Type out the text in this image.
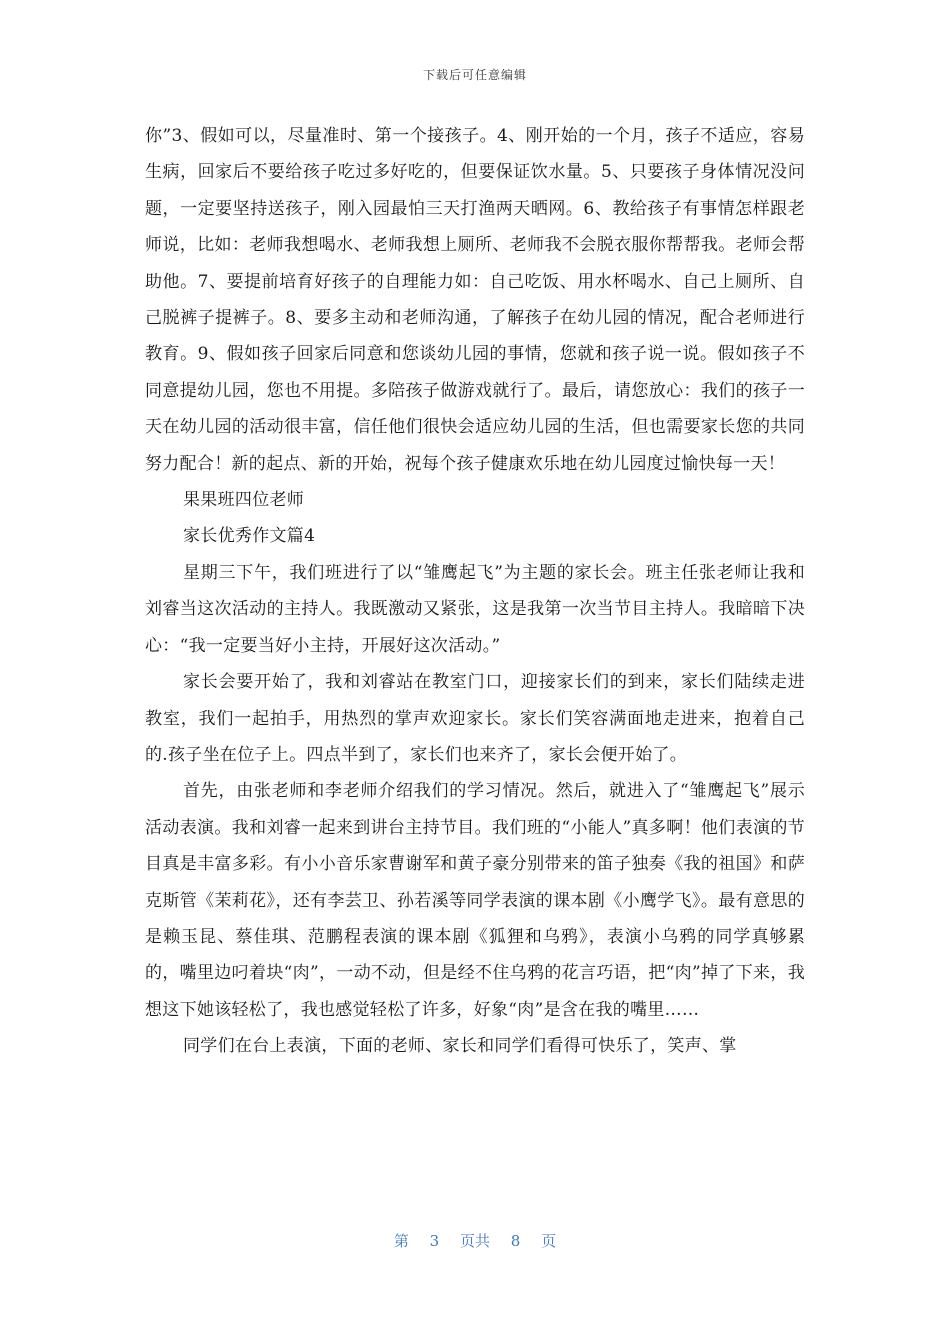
下载后可任意编辑

你”3、假如可以，尽量准时、第一个接孩子。4、刚开始的一个月，孩子不适应，容易生病，回家后不要给孩子吃过多好吃的，但要保证饮水量。5、只要孩子身体情况没问题，一定要坚持送孩子，刚入园最怕三天打渔两天晒网。6、教给孩子有事情怎样跟老师说，比如：老师我想喝水、老师我想上厕所、老师我不会脱衣服你帮帮我。老师会帮助他。7、要提前培育好孩子的自理能力如：自己吃饭、用水杯喝水、自己上厕所、自己脱裤子提裤子。8、要多主动和老师沟通，了解孩子在幼儿园的情况，配合老师进行教育。9、假如孩子回家后同意和您谈幼儿园的事情，您就和孩子说一说。假如孩子不同意提幼儿园，您也不用提。多陪孩子做游戏就行了。最后，请您放心：我们的孩子一天在幼儿园的活动很丰富，信任他们很快会适应幼儿园的生活，但也需要家长您的共同努力配合！新的起点、新的开始，祝每个孩子健康欢乐地在幼儿园度过愉快每一天！

果果班四位老师

家长优秀作文篇4

星期三下午，我们班进行了以“雏鹰起飞”为主题的家长会。班主任张老师让我和刘睿当这次活动的主持人。我既激动又紧张，这是我第一次当节目主持人。我暗暗下决心：“我一定要当好小主持，开展好这次活动。”

家长会要开始了，我和刘睿站在教室门口，迎接家长们的到来，家长们陆续走进教室，我们一起拍手，用热烈的掌声欢迎家长。家长们笑容满面地走进来，抱着自己的.孩子坐在位子上。四点半到了，家长们也来齐了，家长会便开始了。

首先，由张老师和李老师介绍我们的学习情况。然后，就进入了“雏鹰起飞”展示活动表演。我和刘睿一起来到讲台主持节目。我们班的“小能人”真多啊！他们表演的节目真是丰富多彩。有小小音乐家曹谢军和黄子豪分别带来的笛子独奏《我的祖国》和萨克斯管《茉莉花》，还有李芸卫、孙若溪等同学表演的课本剧《小鹰学飞》。最有意思的是赖玉昆、蔡佳琪、范鹏程表演的课本剧《狐狸和乌鸦》，表演小乌鸦的同学真够累的，嘴里边叼着块“肉”，一动不动，但是经不住乌鸦的花言巧语，把“肉”掉了下来，我想这下她该轻松了，我也感觉轻松了许多，好象“肉”是含在我的嘴里……

同学们在台上表演，下面的老师、家长和同学们看得可快乐了，笑声、掌

第 3 页共 8 页
